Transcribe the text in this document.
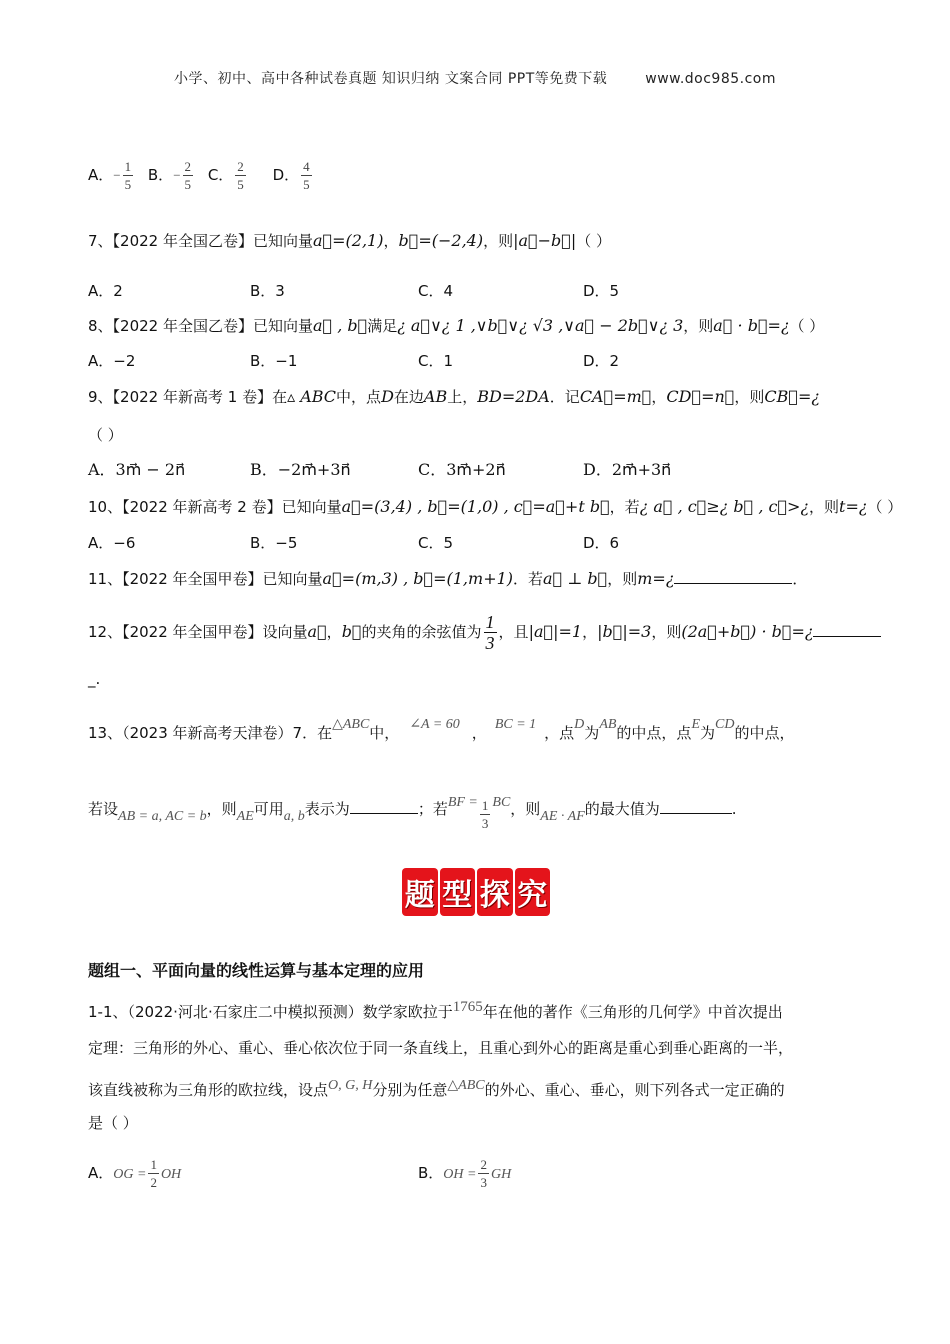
小学、初中、高中各种试卷真题 知识归纳 文案合同 PPT等免费下载	www.doc985.com
A．− $\frac{1}{5}$ B．− $\frac{2}{5}$ C． $\frac{2}{5}$ D． $\frac{4}{5}$
7、【2022 年全国乙卷】已知向量a⃗=(2,1)，b⃗=(−2,4)，则|a⃗−b⃗|（ ）
A．2	B．3	C．4	D．5
8、【2022 年全国乙卷】已知向量a⃗ , b⃗满足¿ a⃗∨¿ 1 ,∨b⃗∨¿ √3 ,∨a⃗ − 2b⃗∨¿ 3，则a⃗ · b⃗=¿（ ）
A．−2	B．−1	C．1	D．2
9、【2022 年新高考 1 卷】在▵ ABC中，点D在边AB上，BD=2DA．记CA⃗=m⃗，CD⃗=n⃗，则CB⃗=¿
（ ）
A．3m⃗ − 2n⃗	B．−2m⃗+3n⃗	C．3m⃗+2n⃗	D．2m⃗+3n⃗
10、【2022 年新高考 2 卷】已知向量a⃗=(3,4) , b⃗=(1,0) , c⃗=a⃗+t b⃗，若¿ a⃗ , c⃗≥¿ b⃗ , c⃗>¿，则t=¿（ ）
A．−6	B．−5	C．5	D．6
11、【2022 年全国甲卷】已知向量a⃗=(m,3) , b⃗=(1,m+1)．若a⃗ ⊥ b⃗，则m=¿	．
12、【2022 年全国甲卷】设向量a⃗，b⃗的夹角的余弦值为 $\frac{1}{3}$ ，且|a⃗|=1，|b⃗|=3，则(2a⃗+b⃗) · b⃗=¿
_.
13、（2023 年新高考天津卷）7．在△ABC中， ∠A = 60 ， BC = 1 ，点D为AB的中点，点E为CD的中点，
若设AB = a, AC = b，则AE可用a, b表示为	；若BF = $\frac{1}{3}$ BC，则AE · AF的最大值为	.
题 型 探 究
题组一、平面向量的线性运算与基本定理的应用
1-1、（2022·河北·石家庄二中模拟预测）数学家欧拉于1765年在他的著作《三角形的几何学》中首次提出
定理：三角形的外心、重心、垂心依次位于同一条直线上，且重心到外心的距离是重心到垂心距离的一半，
该直线被称为三角形的欧拉线，设点O, G, H分别为任意△ABC的外心、重心、垂心，则下列各式一定正确的
是（ ）
A．OG = $\frac{1}{2}$ OH	B．OH = $\frac{2}{3}$ GH
